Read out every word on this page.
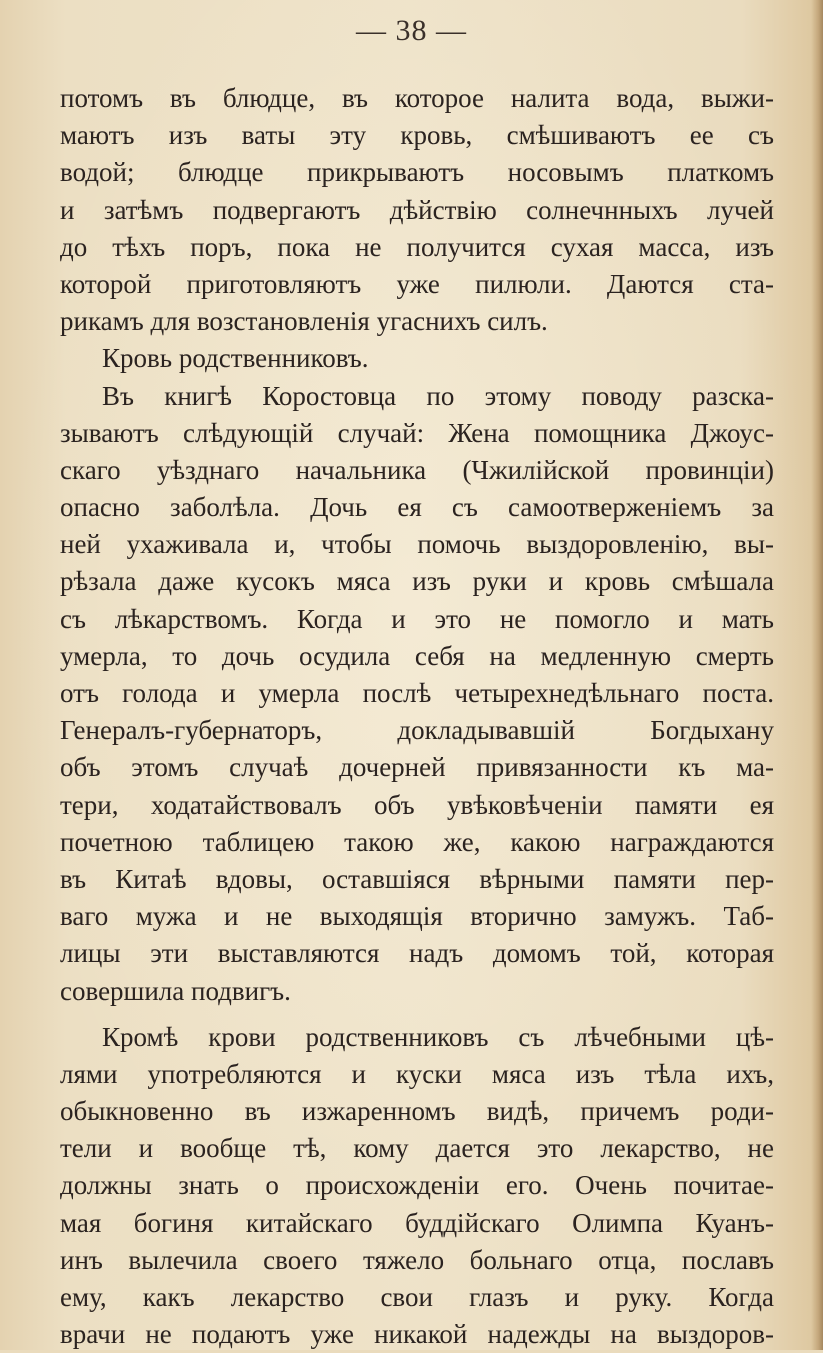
— 38 —
потомъ въ блюдце, въ которое налита вода, выжи-
маютъ изъ ваты эту кровь, смѣшиваютъ ее съ
водой; блюдце прикрываютъ носовымъ платкомъ
и затѣмъ подвергаютъ дѣйствію солнечнныхъ лучей
до тѣхъ поръ, пока не получится сухая масса, изъ
которой приготовляютъ уже пилюли. Даются ста-
рикамъ для возстановленія угаснихъ силъ.
Кровь родственниковъ.
Въ книгѣ Коростовца по этому поводу разска-
зываютъ слѣдующій случай: Жена помощника Джоус-
скаго уѣзднаго начальника (Чжилiйской провинцiи)
опасно заболѣла. Дочь ея съ самоотверженiемъ за
ней ухаживала и, чтобы помочь выздоровленiю, вы-
рѣзала даже кусокъ мяса изъ руки и кровь смѣшала
съ лѣкарствомъ. Когда и это не помогло и мать
умерла, то дочь осудила себя на медленную смерть
отъ голода и умерла послѣ четырехнедѣльнаго поста.
Генералъ-губернаторъ, докладывавшiй Богдыхану
объ этомъ случаѣ дочерней привязанности къ ма-
тери, ходатайствовалъ объ увѣковѣченiи памяти ея
почетною таблицею такою же, какою награждаются
въ Китаѣ вдовы, оставшiяся вѣрными памяти пер-
ваго мужа и не выходящiя вторично замужъ. Таб-
лицы эти выставляются надъ домомъ той, которая
совершила подвигъ.
Кромѣ крови родственниковъ съ лѣчебными цѣ-
лями употребляются и куски мяса изъ тѣла ихъ,
обыкновенно въ изжаренномъ видѣ, причемъ роди-
тели и вообще тѣ, кому дается это лекарство, не
должны знать о происхожденiи его. Очень почитае-
мая богиня китайскаго буддiйскаго Олимпа Куанъ-
инъ вылечила своего тяжело больнаго отца, пославъ
ему, какъ лекарство свои глазъ и руку. Когда
врачи не подаютъ уже никакой надежды на выздоров-
